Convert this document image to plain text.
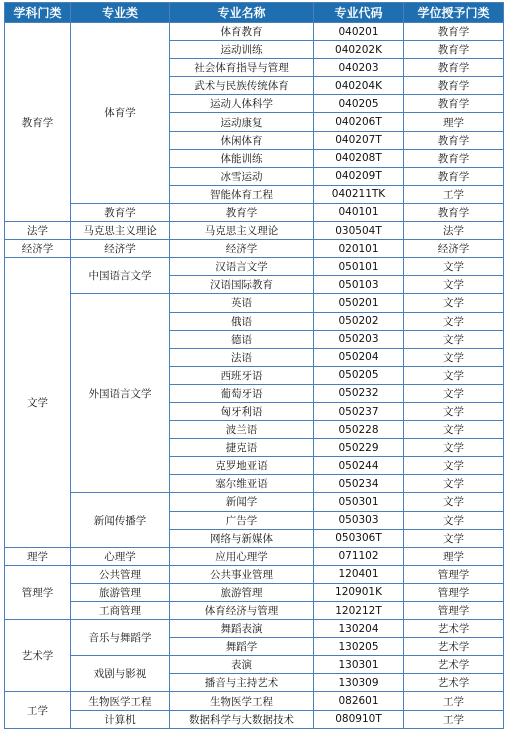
学科门类	专业类	专业名称	专业代码	学位授予门类
教育学	体育学	体育教育	040201	教育学
		运动训练	040202K	教育学
		社会体育指导与管理	040203	教育学
		武术与民族传统体育	040204K	教育学
		运动人体科学	040205	教育学
		运动康复	040206T	理学
		休闲体育	040207T	教育学
		体能训练	040208T	教育学
		冰雪运动	040209T	教育学
		智能体育工程	040211TK	工学
	教育学	教育学	040101	教育学
法学	马克思主义理论	马克思主义理论	030504T	法学
经济学	经济学	经济学	020101	经济学
文学	中国语言文学	汉语言文学	050101	文学
		汉语国际教育	050103	文学
	外国语言文学	英语	050201	文学
		俄语	050202	文学
		德语	050203	文学
		法语	050204	文学
		西班牙语	050205	文学
		葡萄牙语	050232	文学
		匈牙利语	050237	文学
		波兰语	050228	文学
		捷克语	050229	文学
		克罗地亚语	050244	文学
		塞尔维亚语	050234	文学
	新闻传播学	新闻学	050301	文学
		广告学	050303	文学
		网络与新媒体	050306T	文学
理学	心理学	应用心理学	071102	理学
管理学	公共管理	公共事业管理	120401	管理学
	旅游管理	旅游管理	120901K	管理学
	工商管理	体育经济与管理	120212T	管理学
艺术学	音乐与舞蹈学	舞蹈表演	130204	艺术学
		舞蹈学	130205	艺术学
	戏剧与影视	表演	130301	艺术学
		播音与主持艺术	130309	艺术学
工学	生物医学工程	生物医学工程	082601	工学
	计算机	数据科学与大数据技术	080910T	工学
